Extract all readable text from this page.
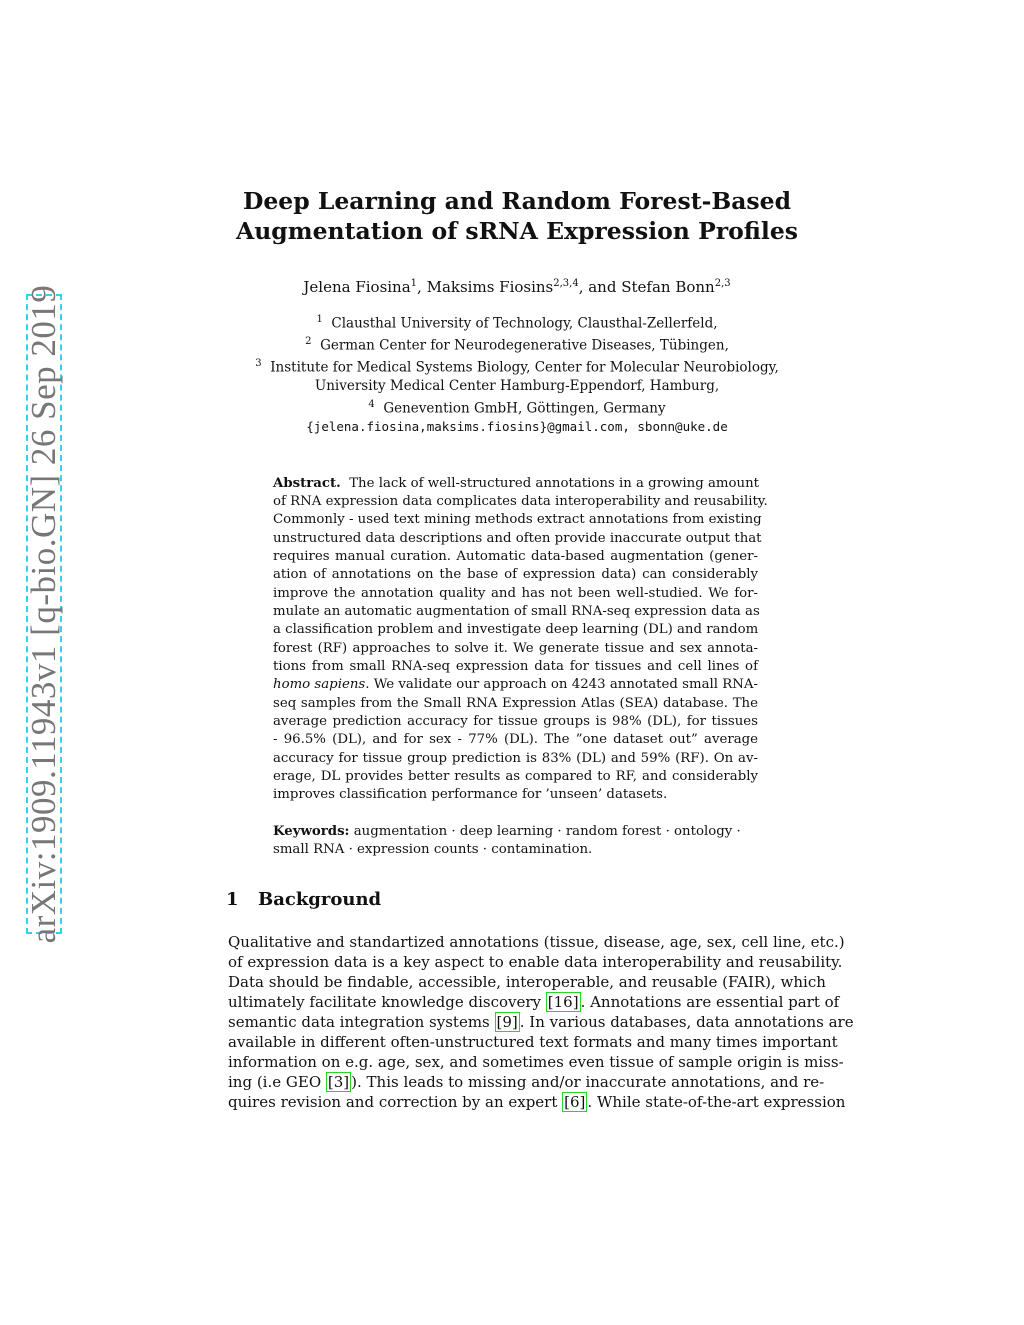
arXiv:1909.11943v1 [q-bio.GN] 26 Sep 2019
Deep Learning and Random Forest-Based
Augmentation of sRNA Expression Profiles
Jelena Fiosina$^1$, Maksims Fiosins$^{2,3,4}$, and Stefan Bonn$^{2,3}$
$^1$ Clausthal University of Technology, Clausthal-Zellerfeld,
$^2$ German Center for Neurodegenerative Diseases, Tübingen,
$^3$ Institute for Medical Systems Biology, Center for Molecular Neurobiology,
University Medical Center Hamburg-Eppendorf, Hamburg,
$^4$ Genevention GmbH, Göttingen, Germany
{jelena.fiosina,maksims.fiosins}@gmail.com, sbonn@uke.de
Abstract.  The lack of well-structured annotations in a growing amount
of RNA expression data complicates data interoperability and reusability.
Commonly - used text mining methods extract annotations from existing
unstructured data descriptions and often provide inaccurate output that
requires manual curation. Automatic data-based augmentation (gener-
ation of annotations on the base of expression data) can considerably
improve the annotation quality and has not been well-studied. We for-
mulate an automatic augmentation of small RNA-seq expression data as
a classification problem and investigate deep learning (DL) and random
forest (RF) approaches to solve it. We generate tissue and sex annota-
tions from small RNA-seq expression data for tissues and cell lines of
homo sapiens. We validate our approach on 4243 annotated small RNA-
seq samples from the Small RNA Expression Atlas (SEA) database. The
average prediction accuracy for tissue groups is 98% (DL), for tissues
- 96.5% (DL), and for sex - 77% (DL). The ”one dataset out” average
accuracy for tissue group prediction is 83% (DL) and 59% (RF). On av-
erage, DL provides better results as compared to RF, and considerably
improves classification performance for ’unseen’ datasets.
Keywords: augmentation · deep learning · random forest · ontology · small RNA · expression counts · contamination.
1 Background
Qualitative and standartized annotations (tissue, disease, age, sex, cell line, etc.)
of expression data is a key aspect to enable data interoperability and reusability.
Data should be findable, accessible, interoperable, and reusable (FAIR), which
ultimately facilitate knowledge discovery [16] . Annotations are essential part of
semantic data integration systems [9] . In various databases, data annotations are
available in different often-unstructured text formats and many times important
information on e.g. age, sex, and sometimes even tissue of sample origin is miss-
ing (i.e GEO [3] ). This leads to missing and/or inaccurate annotations, and re-
quires revision and correction by an expert [6] . While state-of-the-art expression
